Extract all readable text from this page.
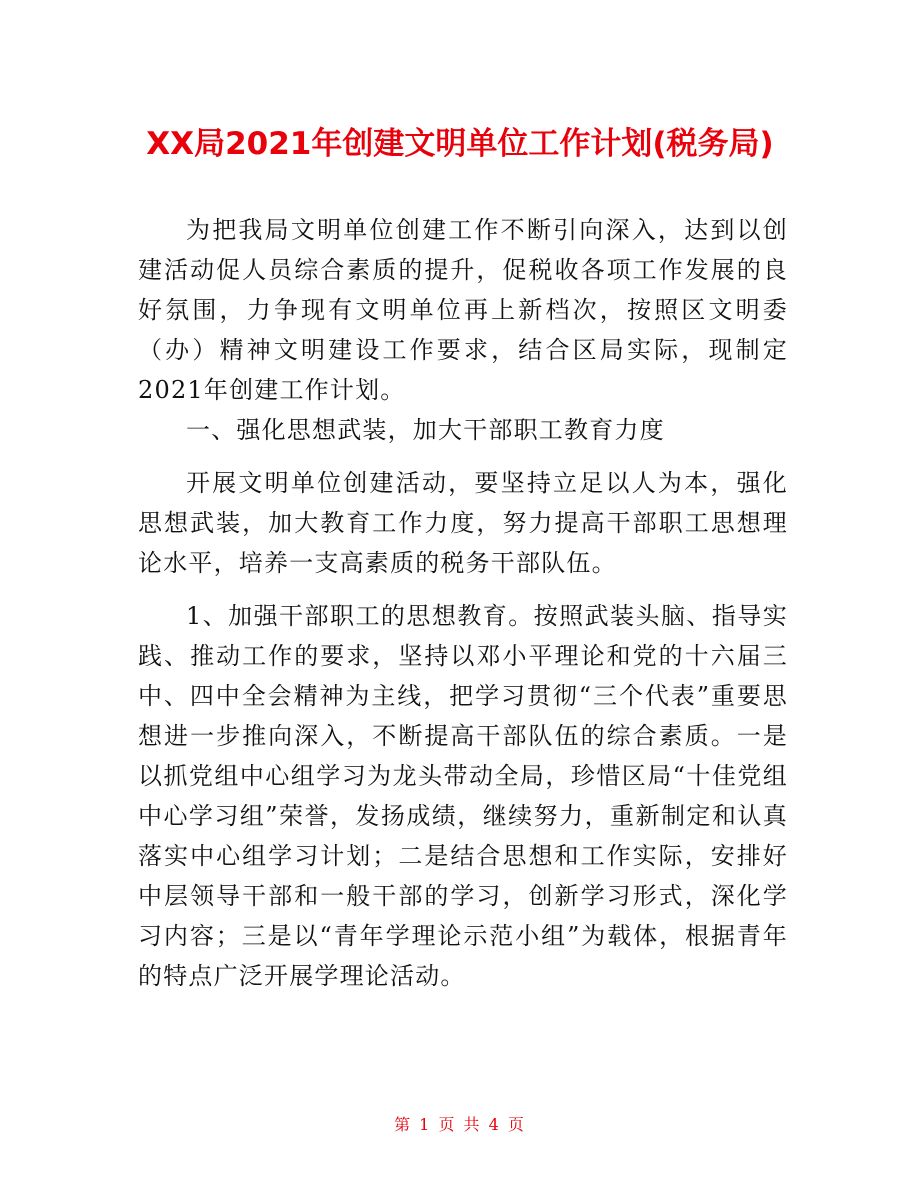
XX局2021年创建文明单位工作计划(税务局)

为把我局文明单位创建工作不断引向深入，达到以创建活动促人员综合素质的提升，促税收各项工作发展的良好氛围，力争现有文明单位再上新档次，按照区文明委（办）精神文明建设工作要求，结合区局实际，现制定2021年创建工作计划。

一、强化思想武装，加大干部职工教育力度

开展文明单位创建活动，要坚持立足以人为本，强化思想武装，加大教育工作力度，努力提高干部职工思想理论水平，培养一支高素质的税务干部队伍。

1、加强干部职工的思想教育。按照武装头脑、指导实践、推动工作的要求，坚持以邓小平理论和党的十六届三中、四中全会精神为主线，把学习贯彻“三个代表”重要思想进一步推向深入，不断提高干部队伍的综合素质。一是以抓党组中心组学习为龙头带动全局，珍惜区局“十佳党组中心学习组”荣誉，发扬成绩，继续努力，重新制定和认真落实中心组学习计划；二是结合思想和工作实际，安排好中层领导干部和一般干部的学习，创新学习形式，深化学习内容；三是以“青年学理论示范小组”为载体，根据青年的特点广泛开展学理论活动。

第 1 页 共 4 页
